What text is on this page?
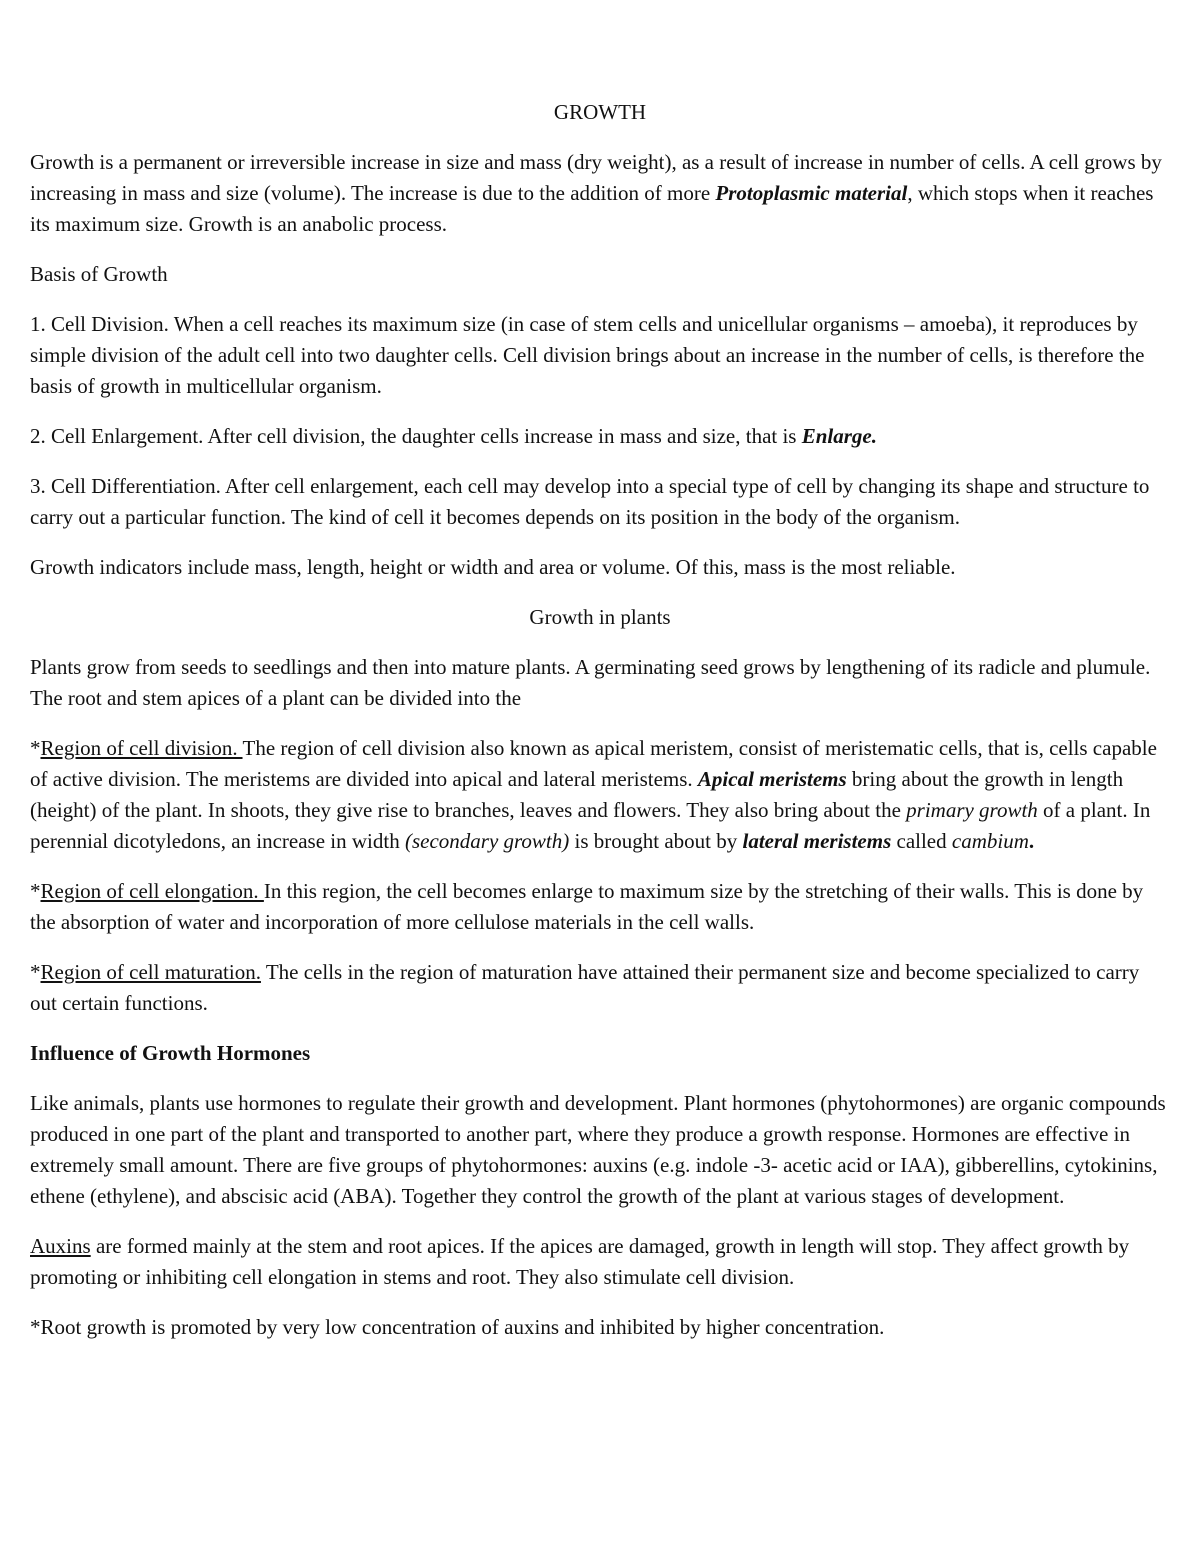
GROWTH

Growth is a permanent or irreversible increase in size and mass (dry weight), as a result of increase in number of cells. A cell grows by increasing in mass and size (volume). The increase is due to the addition of more Protoplasmic material, which stops when it reaches its maximum size. Growth is an anabolic process.

Basis of Growth

1. Cell Division. When a cell reaches its maximum size (in case of stem cells and unicellular organisms – amoeba), it reproduces by simple division of the adult cell into two daughter cells. Cell division brings about an increase in the number of cells, is therefore the basis of growth in multicellular organism.

2. Cell Enlargement. After cell division, the daughter cells increase in mass and size, that is Enlarge.

3. Cell Differentiation. After cell enlargement, each cell may develop into a special type of cell by changing its shape and structure to carry out a particular function. The kind of cell it becomes depends on its position in the body of the organism.

Growth indicators include mass, length, height or width and area or volume. Of this, mass is the most reliable.

Growth in plants

Plants grow from seeds to seedlings and then into mature plants. A germinating seed grows by lengthening of its radicle and plumule. The root and stem apices of a plant can be divided into the

*Region of cell division. The region of cell division also known as apical meristem, consist of meristematic cells, that is, cells capable of active division. The meristems are divided into apical and lateral meristems. Apical meristems bring about the growth in length (height) of the plant. In shoots, they give rise to branches, leaves and flowers. They also bring about the primary growth of a plant. In perennial dicotyledons, an increase in width (secondary growth) is brought about by lateral meristems called cambium.

*Region of cell elongation. In this region, the cell becomes enlarge to maximum size by the stretching of their walls. This is done by the absorption of water and incorporation of more cellulose materials in the cell walls.

*Region of cell maturation. The cells in the region of maturation have attained their permanent size and become specialized to carry out certain functions.

Influence of Growth Hormones

Like animals, plants use hormones to regulate their growth and development. Plant hormones (phytohormones) are organic compounds produced in one part of the plant and transported to another part, where they produce a growth response. Hormones are effective in extremely small amount. There are five groups of phytohormones: auxins (e.g. indole -3- acetic acid or IAA), gibberellins, cytokinins, ethene (ethylene), and abscisic acid (ABA). Together they control the growth of the plant at various stages of development.

Auxins are formed mainly at the stem and root apices. If the apices are damaged, growth in length will stop. They affect growth by promoting or inhibiting cell elongation in stems and root. They also stimulate cell division.

*Root growth is promoted by very low concentration of auxins and inhibited by higher concentration.
